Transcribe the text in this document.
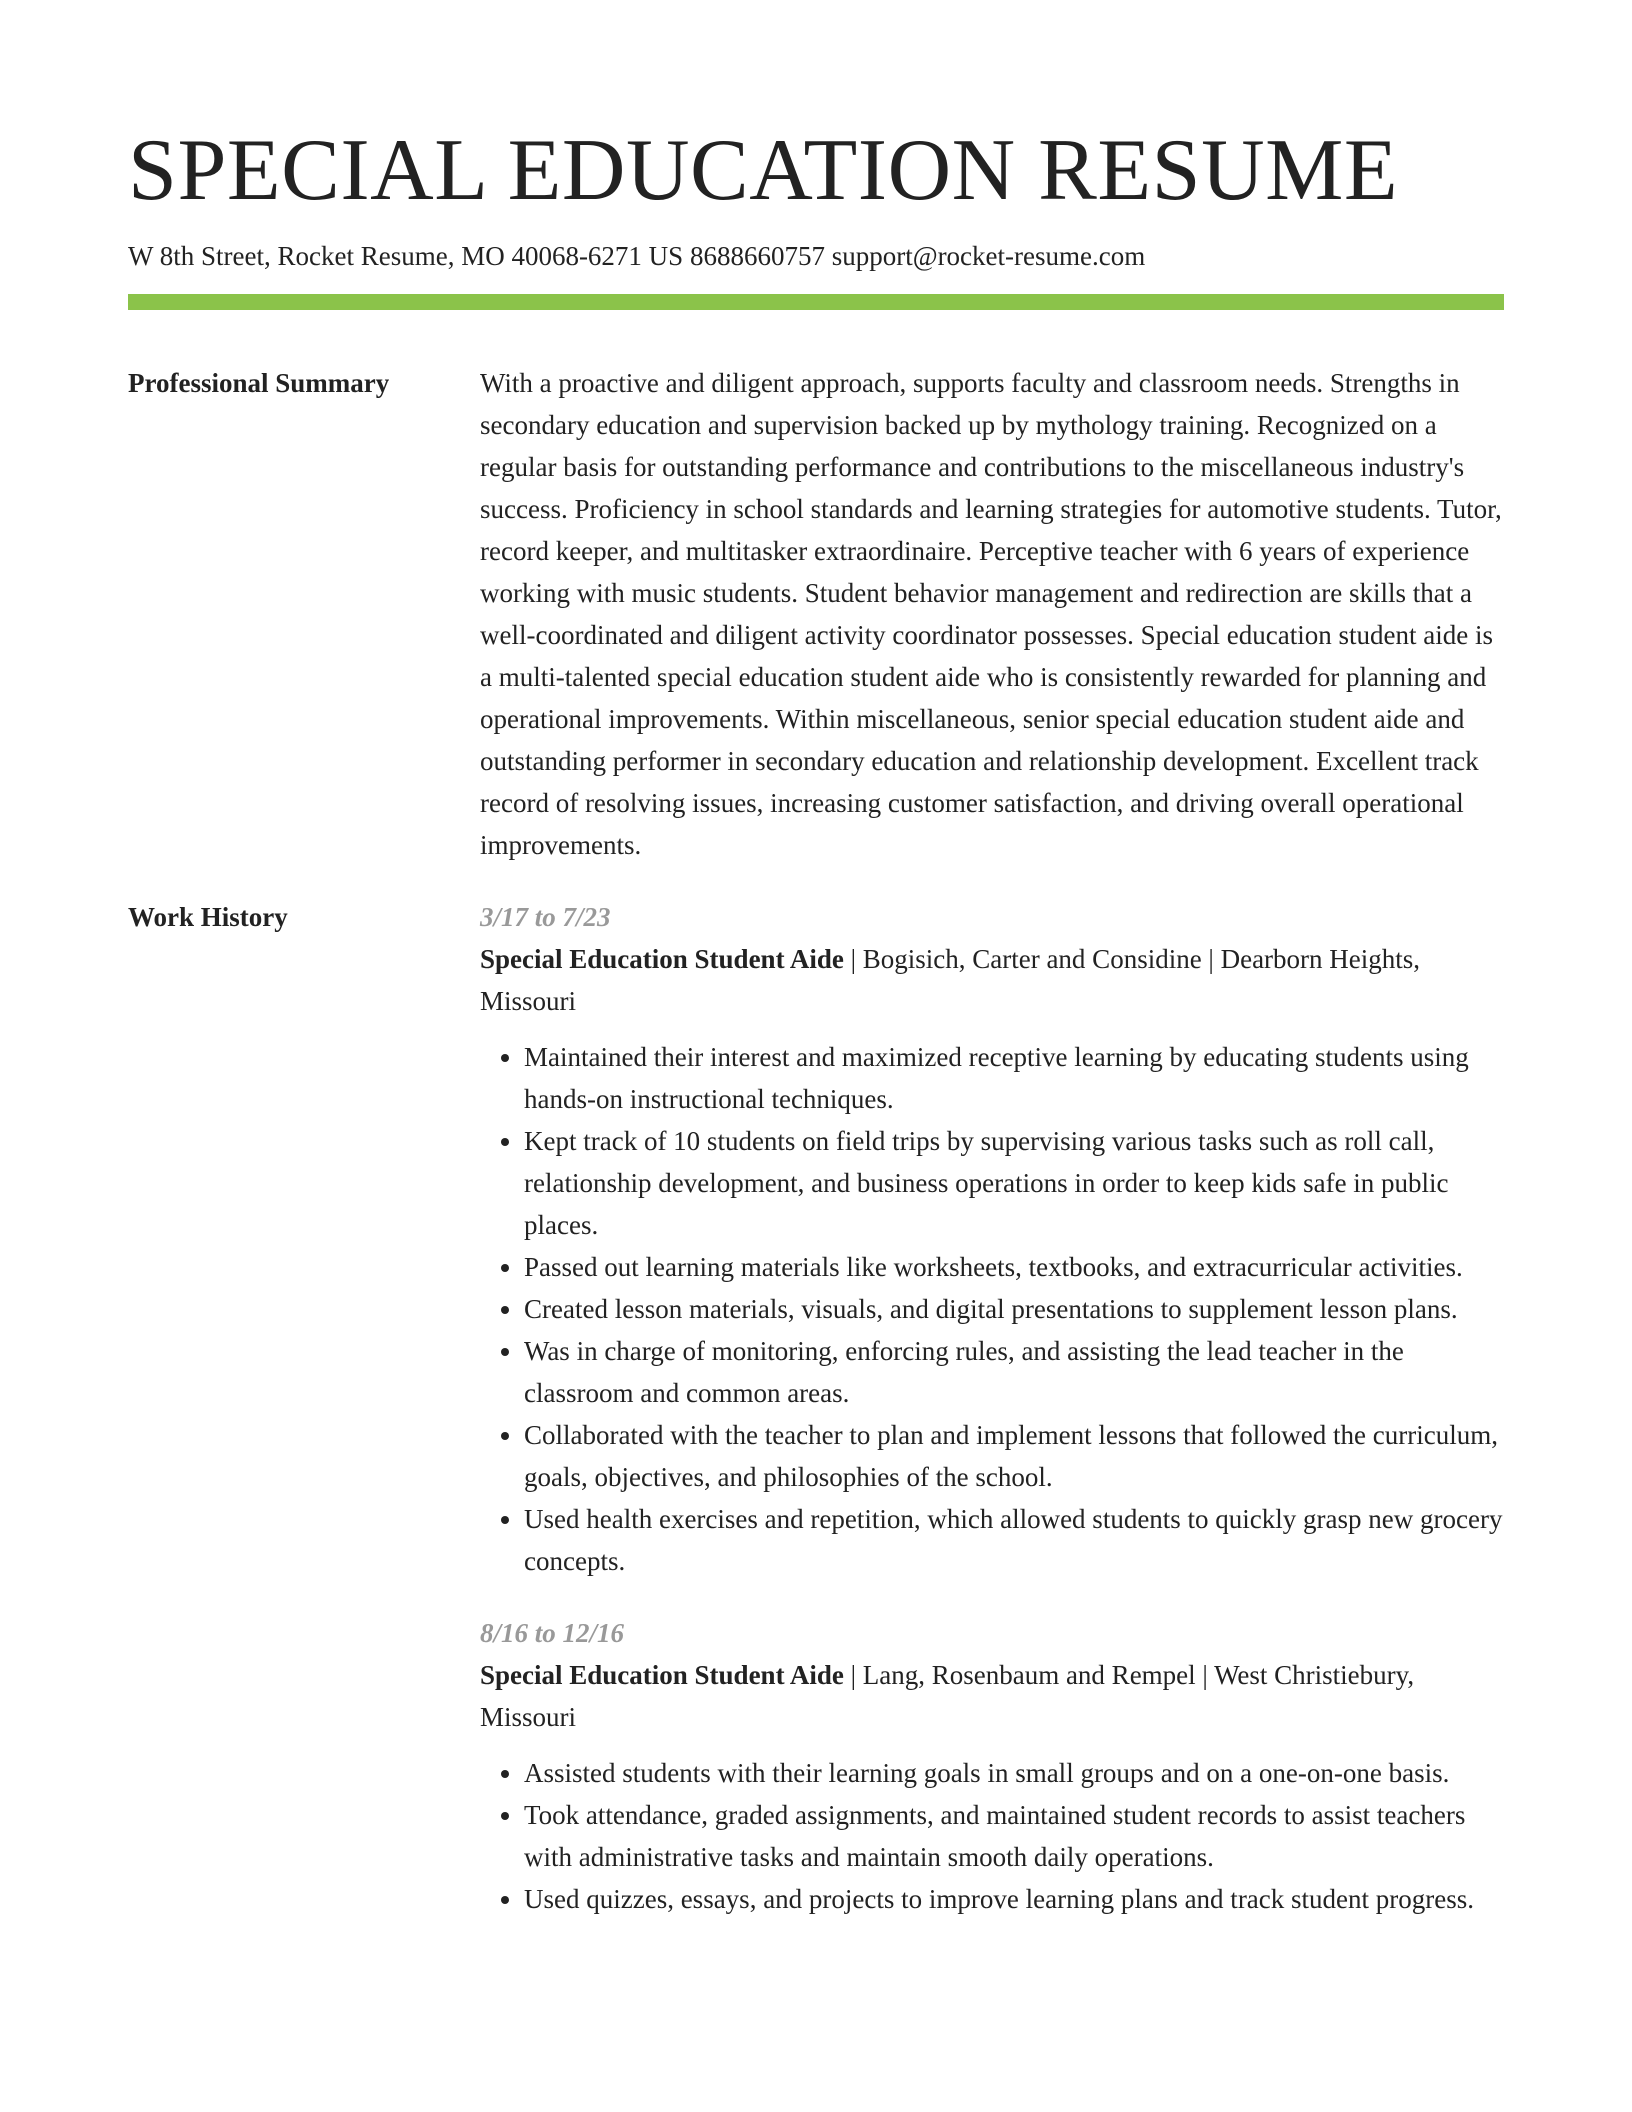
SPECIAL EDUCATION RESUME
W 8th Street, Rocket Resume, MO 40068-6271 US 8688660757 support@rocket-resume.com
Professional Summary	With a proactive and diligent approach, supports faculty and classroom needs. Strengths in secondary education and supervision backed up by mythology training. Recognized on a regular basis for outstanding performance and contributions to the miscellaneous industry's success. Proficiency in school standards and learning strategies for automotive students. Tutor, record keeper, and multitasker extraordinaire. Perceptive teacher with 6 years of experience working with music students. Student behavior management and redirection are skills that a well-coordinated and diligent activity coordinator possesses. Special education student aide is a multi-talented special education student aide who is consistently rewarded for planning and operational improvements. Within miscellaneous, senior special education student aide and outstanding performer in secondary education and relationship development. Excellent track record of resolving issues, increasing customer satisfaction, and driving overall operational improvements.

Work History	3/17 to 7/23
Special Education Student Aide | Bogisich, Carter and Considine | Dearborn Heights, Missouri
• Maintained their interest and maximized receptive learning by educating students using hands-on instructional techniques.
• Kept track of 10 students on field trips by supervising various tasks such as roll call, relationship development, and business operations in order to keep kids safe in public places.
• Passed out learning materials like worksheets, textbooks, and extracurricular activities.
• Created lesson materials, visuals, and digital presentations to supplement lesson plans.
• Was in charge of monitoring, enforcing rules, and assisting the lead teacher in the classroom and common areas.
• Collaborated with the teacher to plan and implement lessons that followed the curriculum, goals, objectives, and philosophies of the school.
• Used health exercises and repetition, which allowed students to quickly grasp new grocery concepts.
8/16 to 12/16
Special Education Student Aide | Lang, Rosenbaum and Rempel | West Christiebury, Missouri
• Assisted students with their learning goals in small groups and on a one-on-one basis.
• Took attendance, graded assignments, and maintained student records to assist teachers with administrative tasks and maintain smooth daily operations.
• Used quizzes, essays, and projects to improve learning plans and track student progress.
